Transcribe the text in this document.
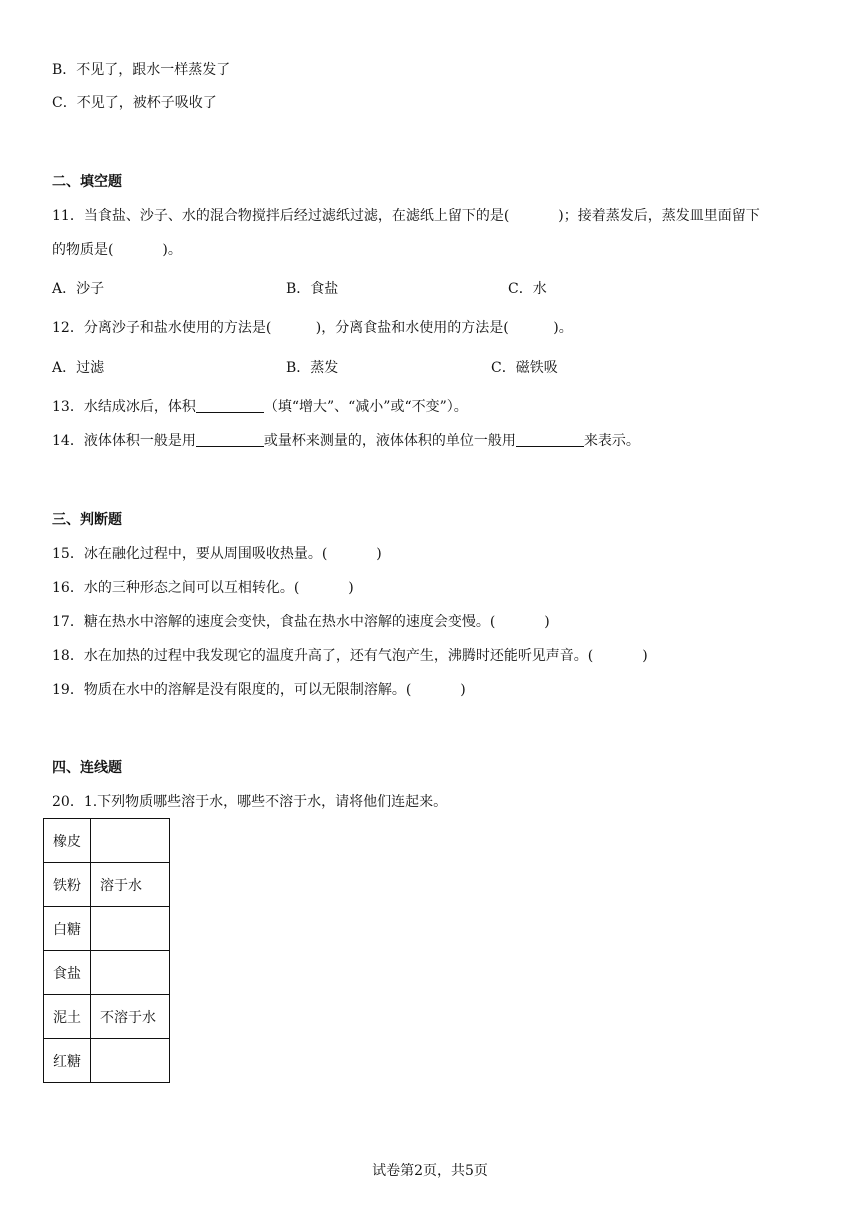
B．不见了，跟水一样蒸发了
C．不见了，被杯子吸收了
二、填空题
11．当食盐、沙子、水的混合物搅拌后经过滤纸过滤，在滤纸上留下的是(	)；接着蒸发后，蒸发皿里面留下
的物质是(	)。
A．沙子	B．食盐	C．水
12．分离沙子和盐水使用的方法是(	)，分离食盐和水使用的方法是(	)。
A．过滤	B．蒸发	C．磁铁吸
13．水结成冰后，体积	（填“增大”、“减小”或“不变”）。
14．液体体积一般是用	或量杯来测量的，液体体积的单位一般用	来表示。
三、判断题
15．冰在融化过程中，要从周围吸收热量。(	)
16．水的三种形态之间可以互相转化。(	)
17．糖在热水中溶解的速度会变快，食盐在热水中溶解的速度会变慢。(	)
18．水在加热的过程中我发现它的温度升高了，还有气泡产生，沸腾时还能听见声音。(	)
19．物质在水中的溶解是没有限度的，可以无限制溶解。(	)
四、连线题
20．1.下列物质哪些溶于水，哪些不溶于水，请将他们连起来。
橡皮	
铁粉	溶于水
白糖	
食盐	
泥土	不溶于水
红糖	
试卷第2页，共5页
